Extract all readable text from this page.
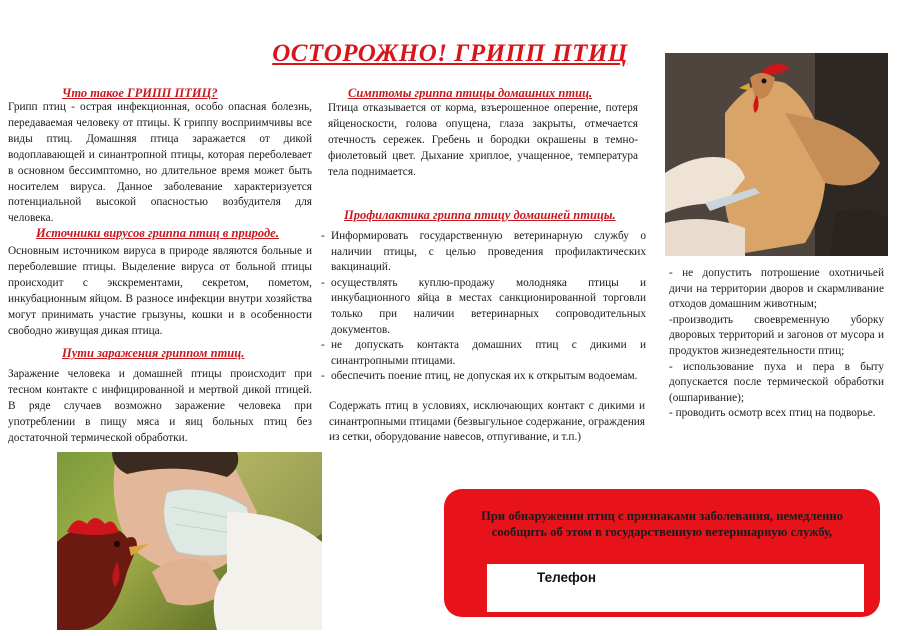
ОСТОРОЖНО! ГРИПП ПТИЦ
Что такое ГРИПП ПТИЦ?
Грипп птиц - острая инфекционная, особо опасная болезнь, передаваемая человеку от птицы. К гриппу восприимчивы все виды птиц. Домашняя птица заражается от дикой водоплавающей и синантропной птицы, которая переболевает в основном бессимптомно, но длительное время может быть носителем вируса. Данное заболевание характеризуется потенциальной высокой опасностью возбудителя для человека.
Источники вирусов гриппа птиц в природе.
Основным источником вируса в природе являются больные и переболевшие птицы. Выделение вируса от больной птицы происходит с экскрементами, секретом, пометом, инкубационным яйцом. В разносе инфекции внутри хозяйства могут принимать участие грызуны, кошки и в особенности свободно живущая дикая птица.
Пути заражения гриппом птиц.
Заражение человека и домашней птицы происходит при тесном контакте с инфицированной и мертвой дикой птицей. В ряде случаев возможно заражение человека при употреблении в пищу мяса и яиц больных птиц без достаточной термической обработки.
Симптомы гриппа птицы домашних птиц.
Птица отказывается от корма, взъерошенное оперение, потеря яйценоскости, голова опущена, глаза закрыты, отмечается отечность сережек. Гребень и бородки окрашены в темно-фиолетовый цвет. Дыхание хриплое, учащенное, температура тела поднимается.
Профилактика гриппа птицу домашней птицы.
- Информировать государственную ветеринарную службу о наличии птицы, с целью проведения профилактических вакцинаций.
- осуществлять куплю-продажу молодняка птицы и инкубационного яйца в местах санкционированной торговли только при наличии ветеринарных сопроводительных документов.
- не допускать контакта домашних птиц с дикими и синантропными птицами.
- обеспечить поение птиц, не допуская их к открытым водоемам.
Содержать птиц в условиях, исключающих контакт с дикими и синантропными птицами (безвыгульное содержание, ограждения из сетки, оборудование навесов, отпугивание, и т.п.)
- не допустить потрошение охотничьей дичи на территории дворов и скармливание отходов домашним животным;
-производить своевременную уборку дворовых территорий и загонов от мусора и продуктов жизнедеятельности птиц;
- использование пуха и пера в быту допускается после термической обработки (ошпаривание);
- проводить осмотр всех птиц на подворье.
При обнаружении птиц с признаками заболевания, немедленно сообщить об этом в государственную ветеринарную службу,
Телефон
